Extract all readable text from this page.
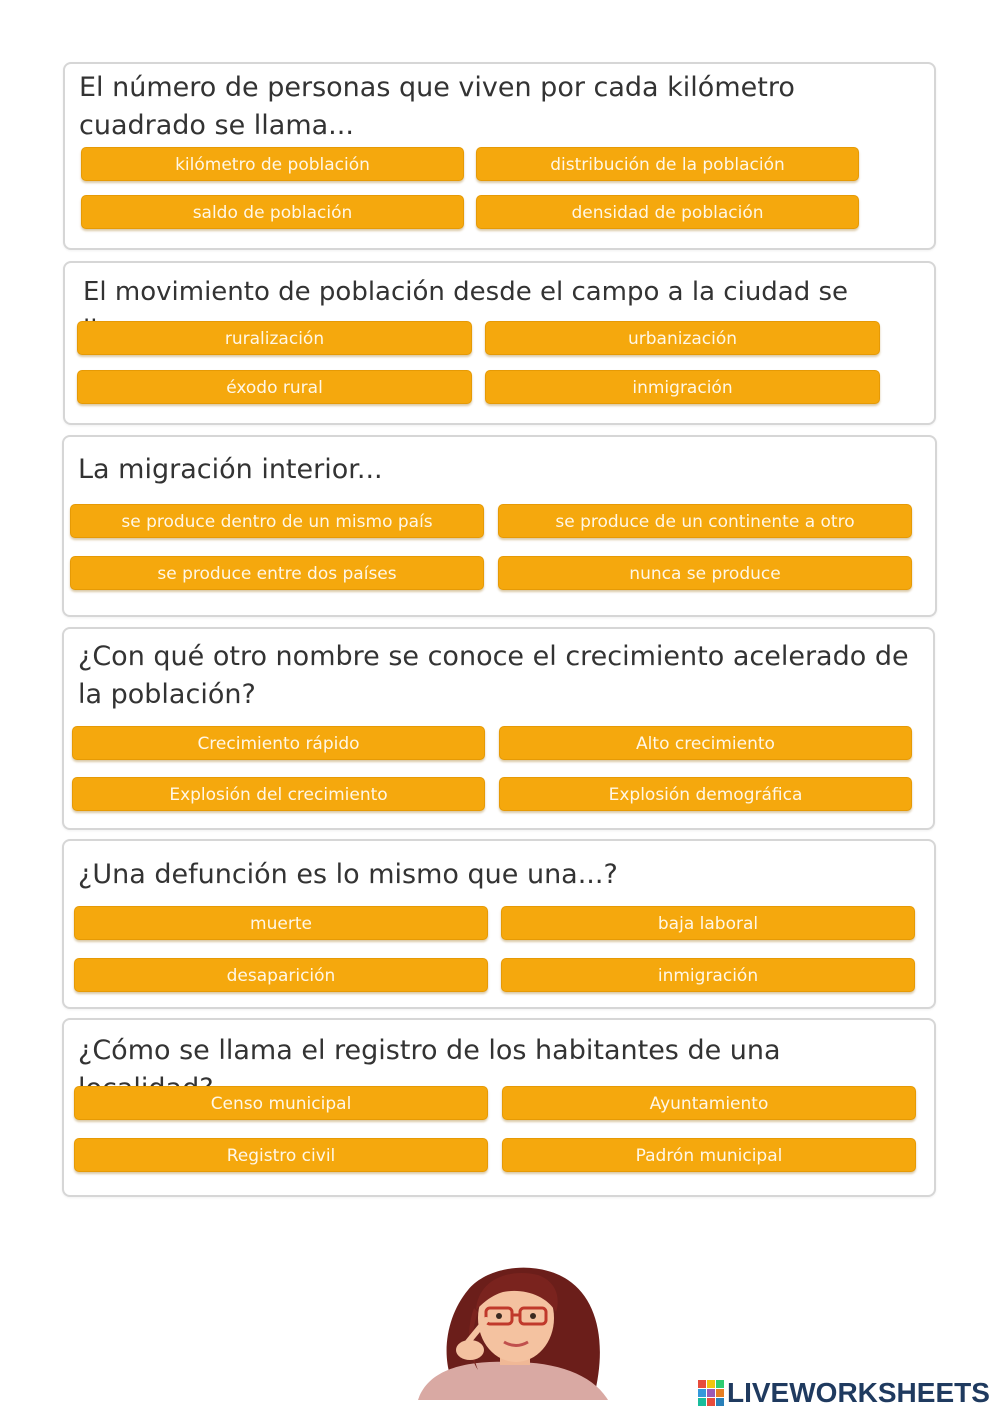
El número de personas que viven por cada kilómetro cuadrado se llama...

kilómetro de población	distribución de la población
saldo de población	densidad de población

El movimiento de población desde el campo a la ciudad se

ruralización	urbanización
éxodo rural	inmigración

La migración interior...

se produce dentro de un mismo país	se produce de un continente a otro
se produce entre dos países	nunca se produce

¿Con qué otro nombre se conoce el crecimiento acelerado de la población?

Crecimiento rápido	Alto crecimiento
Explosión del crecimiento	Explosión demográfica

¿Una defunción es lo mismo que una...?

muerte	baja laboral
desaparición	inmigración

¿Cómo se llama el registro de los habitantes de una

Censo municipal	Ayuntamiento
Registro civil	Padrón municipal
LIVEWORKSHEETS
